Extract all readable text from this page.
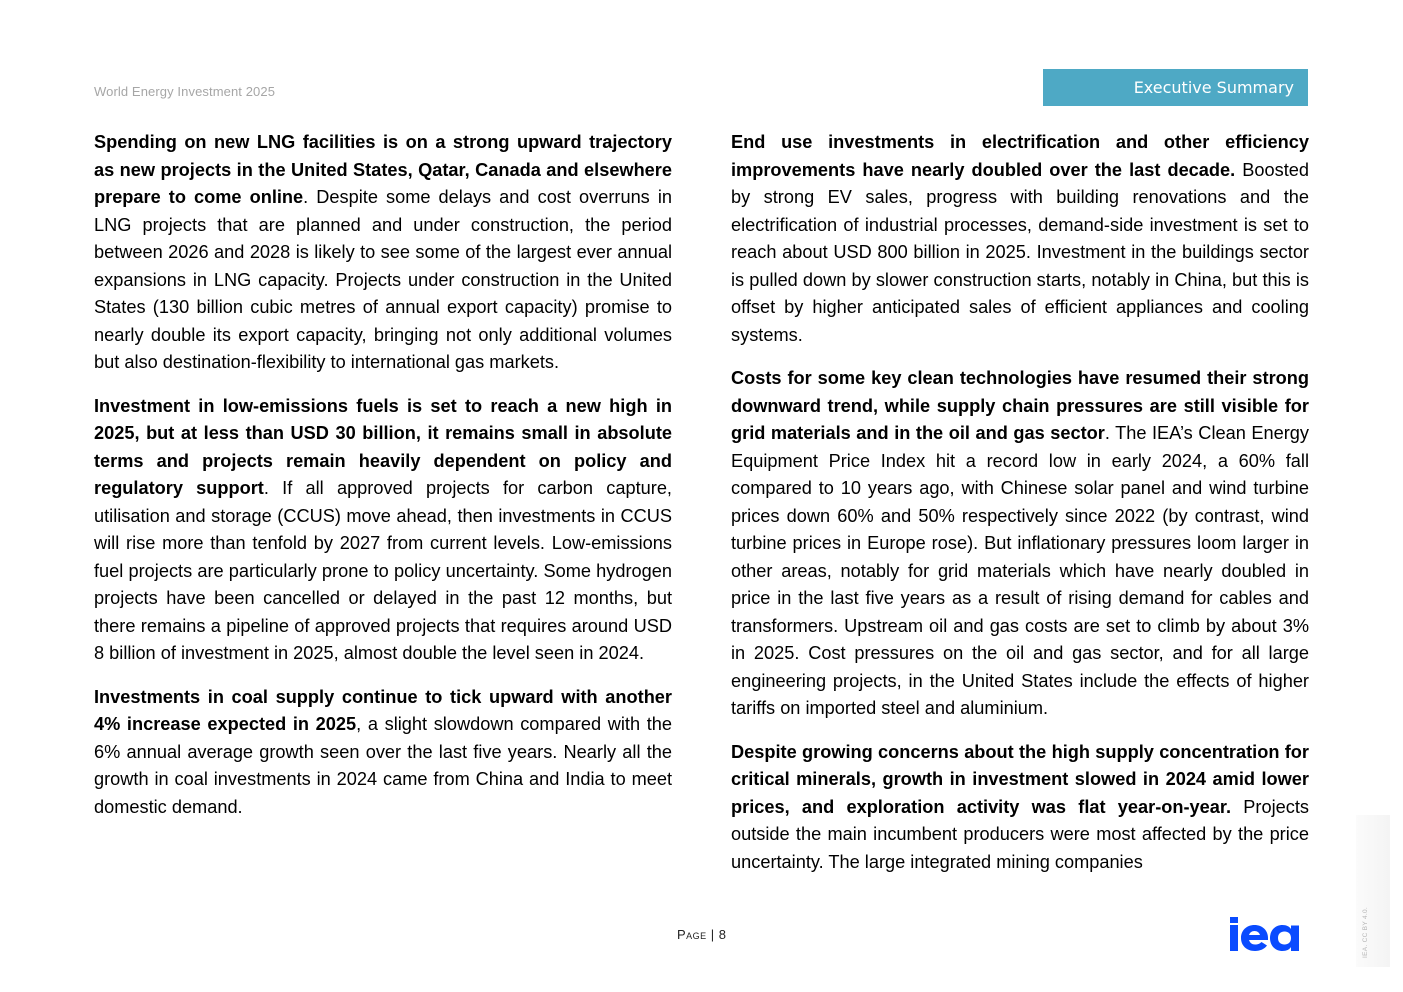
World Energy Investment 2025	Executive Summary

Spending on new LNG facilities is on a strong upward trajectory as new projects in the United States, Qatar, Canada and elsewhere prepare to come online. Despite some delays and cost overruns in LNG projects that are planned and under construction, the period between 2026 and 2028 is likely to see some of the largest ever annual expansions in LNG capacity. Projects under construction in the United States (130 billion cubic metres of annual export capacity) promise to nearly double its export capacity, bringing not only additional volumes but also destination-flexibility to international gas markets.

Investment in low-emissions fuels is set to reach a new high in 2025, but at less than USD 30 billion, it remains small in absolute terms and projects remain heavily dependent on policy and regulatory support. If all approved projects for carbon capture, utilisation and storage (CCUS) move ahead, then investments in CCUS will rise more than tenfold by 2027 from current levels. Low-emissions fuel projects are particularly prone to policy uncertainty. Some hydrogen projects have been cancelled or delayed in the past 12 months, but there remains a pipeline of approved projects that requires around USD 8 billion of investment in 2025, almost double the level seen in 2024.

Investments in coal supply continue to tick upward with another 4% increase expected in 2025, a slight slowdown compared with the 6% annual average growth seen over the last five years. Nearly all the growth in coal investments in 2024 came from China and India to meet domestic demand.

End use investments in electrification and other efficiency improvements have nearly doubled over the last decade. Boosted by strong EV sales, progress with building renovations and the electrification of industrial processes, demand-side investment is set to reach about USD 800 billion in 2025. Investment in the buildings sector is pulled down by slower construction starts, notably in China, but this is offset by higher anticipated sales of efficient appliances and cooling systems.

Costs for some key clean technologies have resumed their strong downward trend, while supply chain pressures are still visible for grid materials and in the oil and gas sector. The IEA’s Clean Energy Equipment Price Index hit a record low in early 2024, a 60% fall compared to 10 years ago, with Chinese solar panel and wind turbine prices down 60% and 50% respectively since 2022 (by contrast, wind turbine prices in Europe rose). But inflationary pressures loom larger in other areas, notably for grid materials which have nearly doubled in price in the last five years as a result of rising demand for cables and transformers. Upstream oil and gas costs are set to climb by about 3% in 2025. Cost pressures on the oil and gas sector, and for all large engineering projects, in the United States include the effects of higher tariffs on imported steel and aluminium.

Despite growing concerns about the high supply concentration for critical minerals, growth in investment slowed in 2024 amid lower prices, and exploration activity was flat year-on-year. Projects outside the main incumbent producers were most affected by the price uncertainty. The large integrated mining companies

Page | 8	IEA. CC BY 4.0.
